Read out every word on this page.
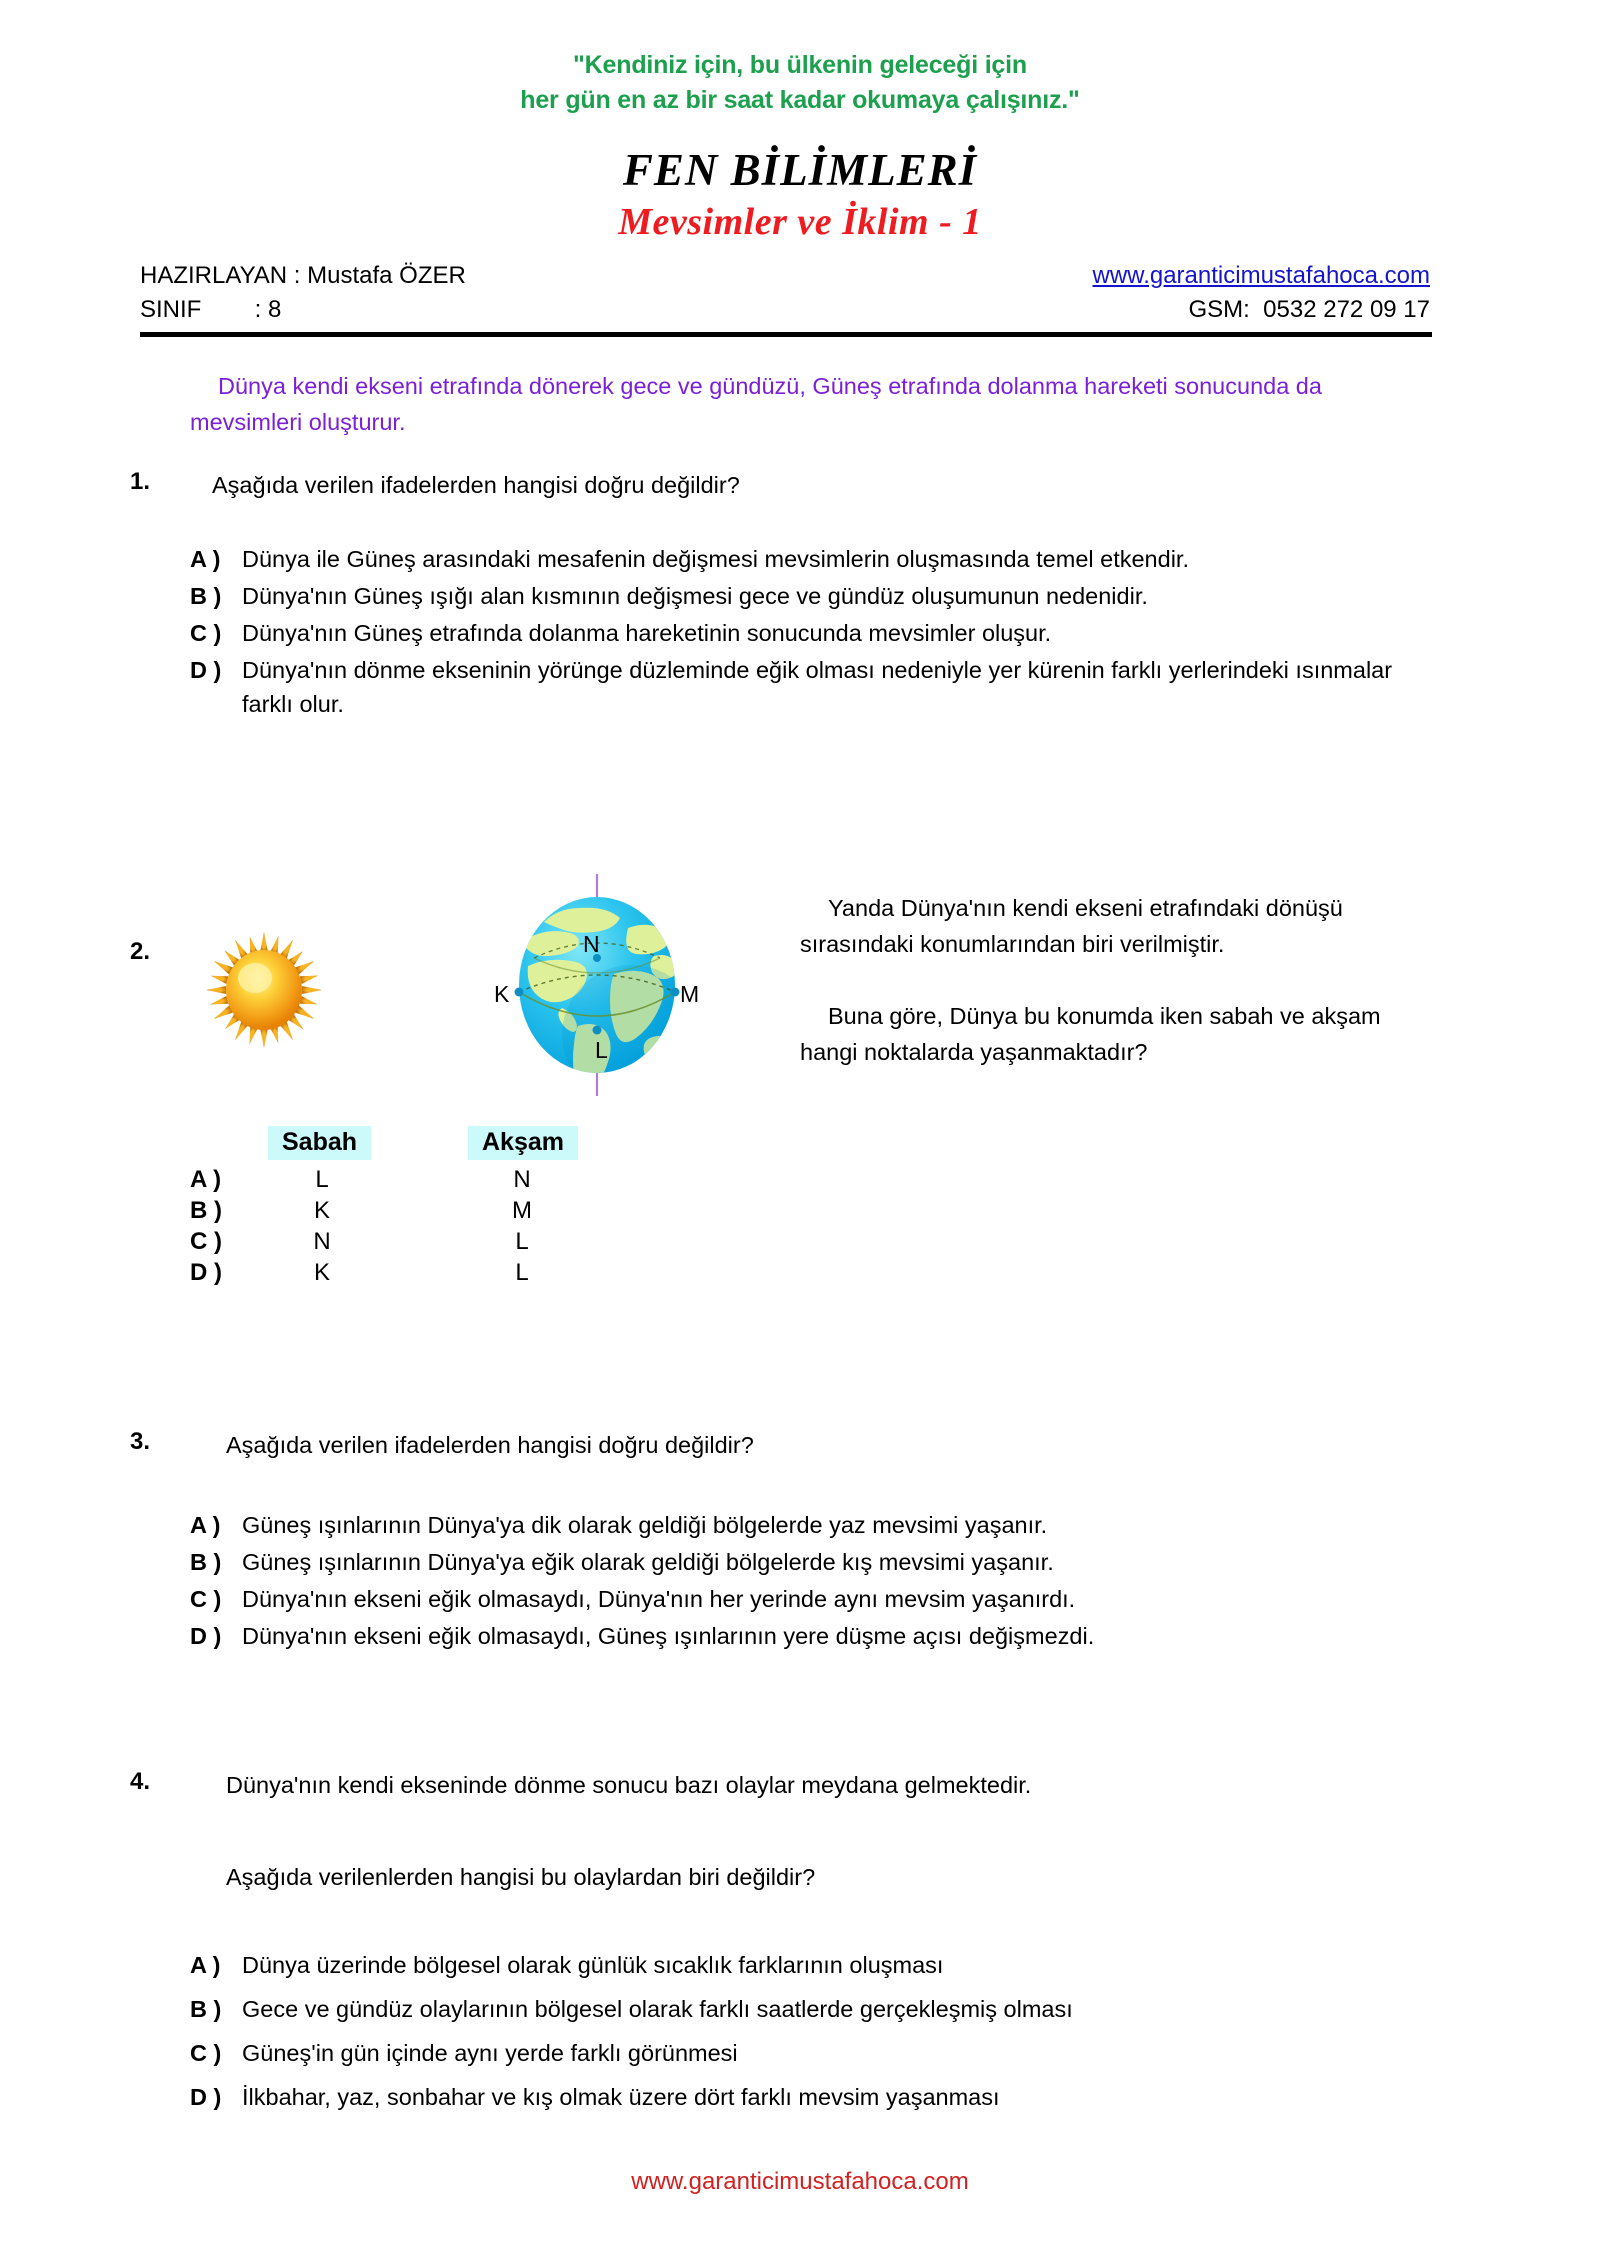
"Kendiniz için, bu ülkenin geleceği için
her gün en az bir saat kadar okumaya çalışınız."
FEN BİLİMLERİ
Mevsimler ve İklim - 1
HAZIRLAYAN : Mustafa ÖZER	www.garanticimustafahoca.com
SINIF        : 8	GSM:  0532 272 09 17
Dünya kendi ekseni etrafında dönerek gece ve gündüzü, Güneş etrafında dolanma hareketi sonucunda da mevsimleri oluşturur.
1.	Aşağıda verilen ifadelerden hangisi doğru değildir?
A ) Dünya ile Güneş arasındaki mesafenin değişmesi mevsimlerin oluşmasında temel etkendir.
B ) Dünya'nın Güneş ışığı alan kısmının değişmesi gece ve gündüz oluşumunun nedenidir.
C ) Dünya'nın Güneş etrafında dolanma hareketinin sonucunda mevsimler oluşur.
D ) Dünya'nın dönme ekseninin yörünge düzleminde eğik olması nedeniyle yer kürenin farklı yerlerindeki ısınmalar farklı olur.
2.	N
K	M
L

Yanda Dünya'nın kendi ekseni etrafındaki dönüşü sırasındaki konumlarından biri verilmiştir.

Buna göre, Dünya bu konumda iken sabah ve akşam hangi noktalarda yaşanmaktadır?

Sabah	Akşam
A )	L	N
B )	K	M
C )	N	L
D )	K	L
3.	Aşağıda verilen ifadelerden hangisi doğru değildir?
A ) Güneş ışınlarının Dünya'ya dik olarak geldiği bölgelerde yaz mevsimi yaşanır.
B ) Güneş ışınlarının Dünya'ya eğik olarak geldiği bölgelerde kış mevsimi yaşanır.
C ) Dünya'nın ekseni eğik olmasaydı, Dünya'nın her yerinde aynı mevsim yaşanırdı.
D ) Dünya'nın ekseni eğik olmasaydı, Güneş ışınlarının yere düşme açısı değişmezdi.
4.	Dünya'nın kendi ekseninde dönme sonucu bazı olaylar meydana gelmektedir.
Aşağıda verilenlerden hangisi bu olaylardan biri değildir?
A ) Dünya üzerinde bölgesel olarak günlük sıcaklık farklarının oluşması
B ) Gece ve gündüz olaylarının bölgesel olarak farklı saatlerde gerçekleşmiş olması
C ) Güneş'in gün içinde aynı yerde farklı görünmesi
D ) İlkbahar, yaz, sonbahar ve kış olmak üzere dört farklı mevsim yaşanması
www.garanticimustafahoca.com
